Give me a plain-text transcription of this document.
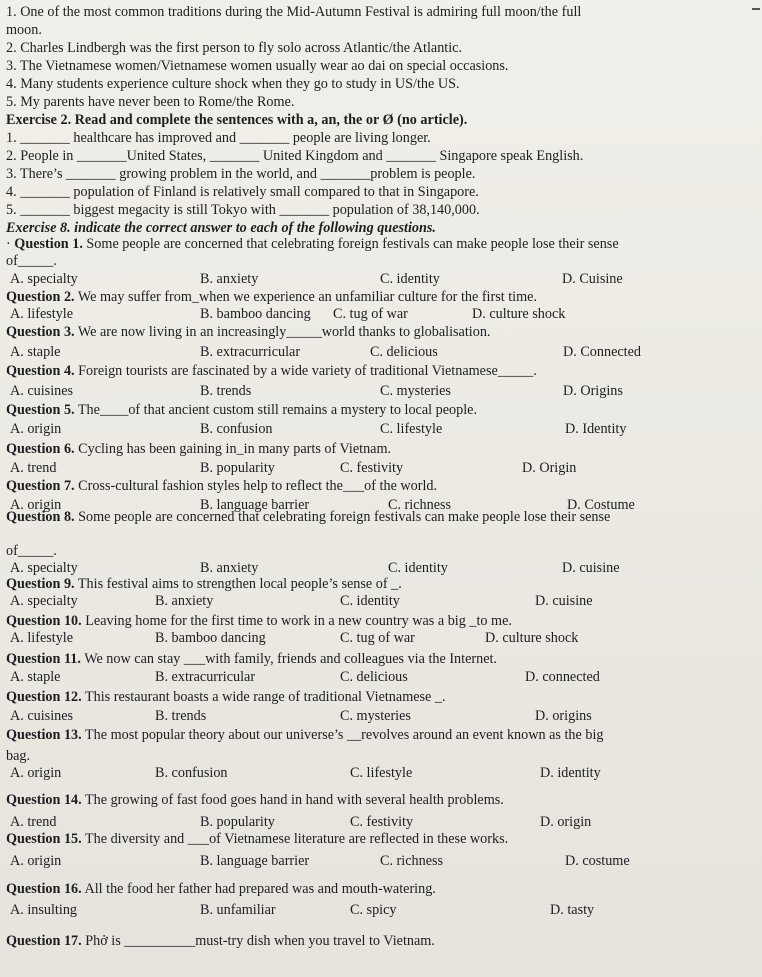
1. One of the most common traditions during the Mid-Autumn Festival is admiring full moon/the full
moon.
2. Charles Lindbergh was the first person to fly solo across Atlantic/the Atlantic.
3. The Vietnamese women/Vietnamese women usually wear ao dai on special occasions.
4. Many students experience culture shock when they go to study in US/the US.
5. My parents have never been to Rome/the Rome.
Exercise 2. Read and complete the sentences with a, an, the or Ø (no article).
1. _______ healthcare has improved and _______ people are living longer.
2. People in _______United States, _______ United Kingdom and _______ Singapore speak English.
3. There’s _______ growing problem in the world, and _______problem is people.
4. _______ population of Finland is relatively small compared to that in Singapore.
5. _______ biggest megacity is still Tokyo with _______ population of 38,140,000.
Exercise 8. indicate the correct answer to each of the following questions.
· Question 1. Some people are concerned that celebrating foreign festivals can make people lose their sense
of_____.
A. specialty	B. anxiety	C. identity	D. Cuisine
Question 2. We may suffer from_when we experience an unfamiliar culture for the first time.
A. lifestyle	B. bamboo dancing C. tug of war	D. culture shock
Question 3. We are now living in an increasingly_____world thanks to globalisation.
A. staple	B. extracurricular	C. delicious	D. Connected
Question 4. Foreign tourists are fascinated by a wide variety of traditional Vietnamese_____.
A. cuisines	B. trends	C. mysteries	D. Origins
Question 5. The____of that ancient custom still remains a mystery to local people.
A. origin	B. confusion	C. lifestyle	D. Identity
Question 6. Cycling has been gaining in_in many parts of Vietnam.
A. trend	B. popularity	C. festivity	D. Origin
Question 7. Cross-cultural fashion styles help to reflect the___of the world.
A. origin	B. language barrier	C. richness	D. Costume
Question 8. Some people are concerned that celebrating foreign festivals can make people lose their sense
of_____.
A. specialty	B. anxiety	C. identity	D. cuisine
Question 9. This festival aims to strengthen local people’s sense of _.
A. specialty	B. anxiety	C. identity	D. cuisine
Question 10. Leaving home for the first time to work in a new country was a big _to me.
A. lifestyle	B. bamboo dancing	C. tug of war	D. culture shock
Question 11. We now can stay ___with family, friends and colleagues via the Internet.
A. staple	B. extracurricular	C. delicious	D. connected
Question 12. This restaurant boasts a wide range of traditional Vietnamese _.
A. cuisines	B. trends	C. mysteries	D. origins
Question 13. The most popular theory about our universe’s __revolves around an event known as the big
bag.
A. origin	B. confusion	C. lifestyle	D. identity
Question 14. The growing of fast food goes hand in hand with several health problems.
A. trend	B. popularity	C. festivity	D. origin
Question 15. The diversity and ___of Vietnamese literature are reflected in these works.
A. origin	B. language barrier	C. richness	D. costume
Question 16. All the food her father had prepared was and mouth-watering.
A. insulting	B. unfamiliar	C. spicy	D. tasty
Question 17. Phở is __________must-try dish when you travel to Vietnam.
